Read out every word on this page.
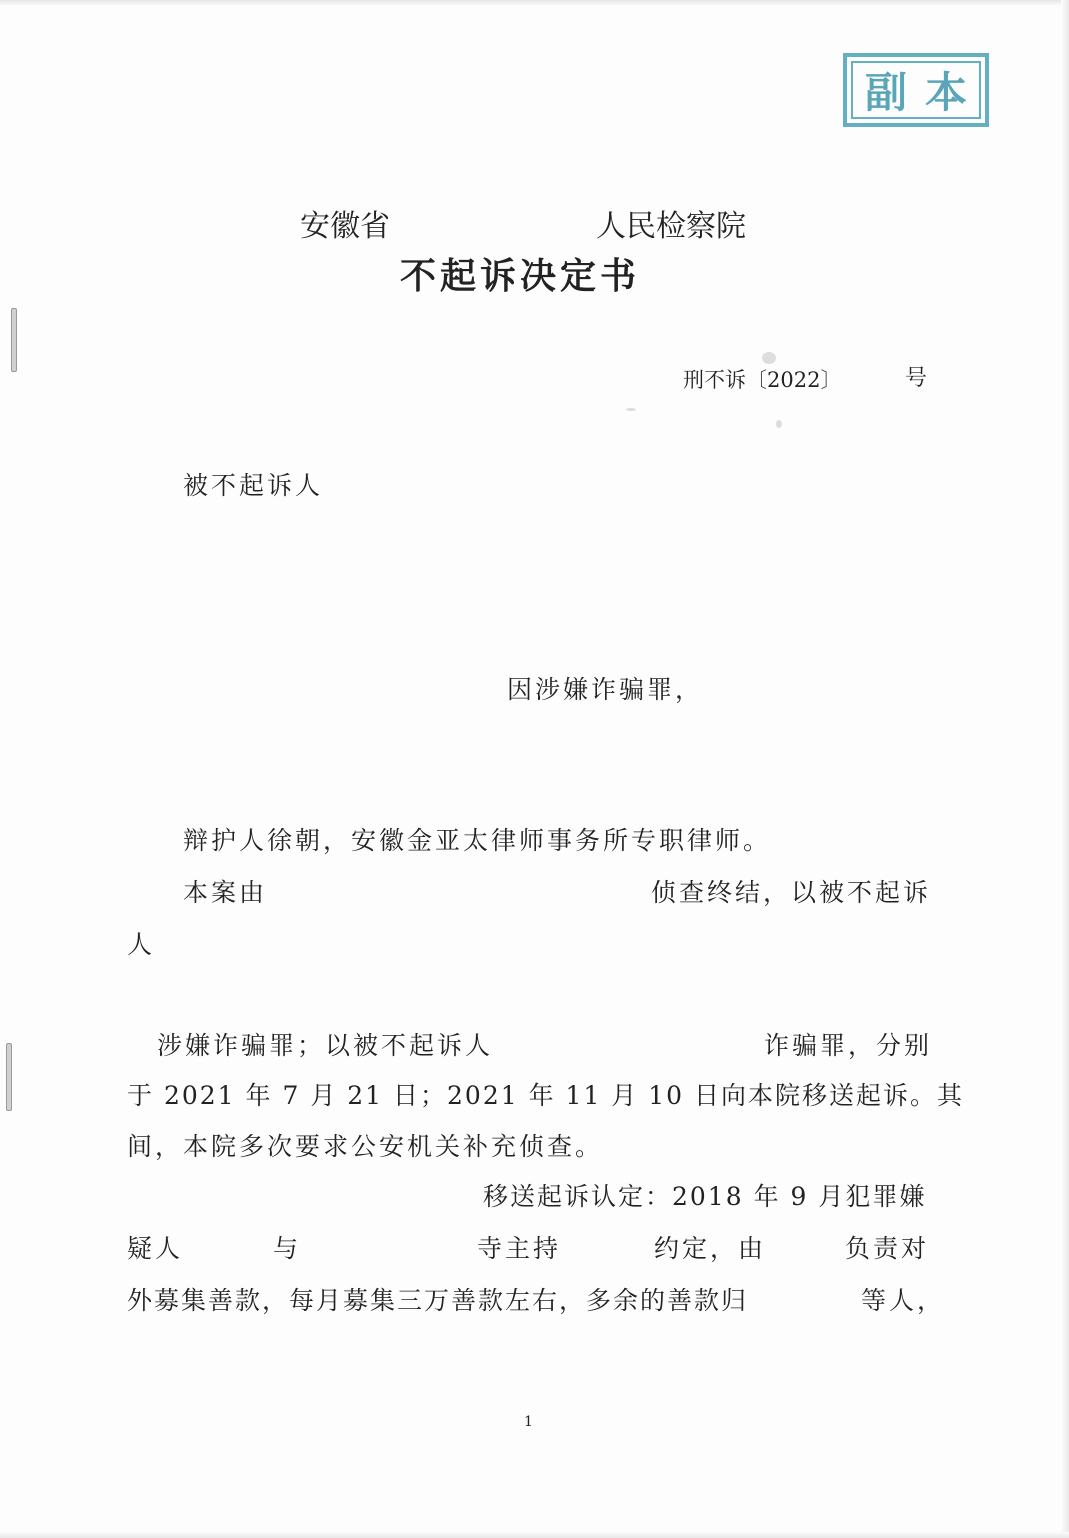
副本
安徽省	人民检察院
不起诉决定书
刑不诉〔2022〕	号
被不起诉人
因涉嫌诈骗罪，
辩护人徐朝，安徽金亚太律师事务所专职律师。
本案由	侦查终结，以被不起诉
人
涉嫌诈骗罪；以被不起诉人	诈骗罪，分别
于 2021 年 7 月 21 日；2021 年 11 月 10 日向本院移送起诉。其
间，本院多次要求公安机关补充侦查。
移送起诉认定：2018 年 9 月犯罪嫌
疑人	与	寺主持	约定，由	负责对
外募集善款，每月募集三万善款左右，多余的善款归	等人，
1
